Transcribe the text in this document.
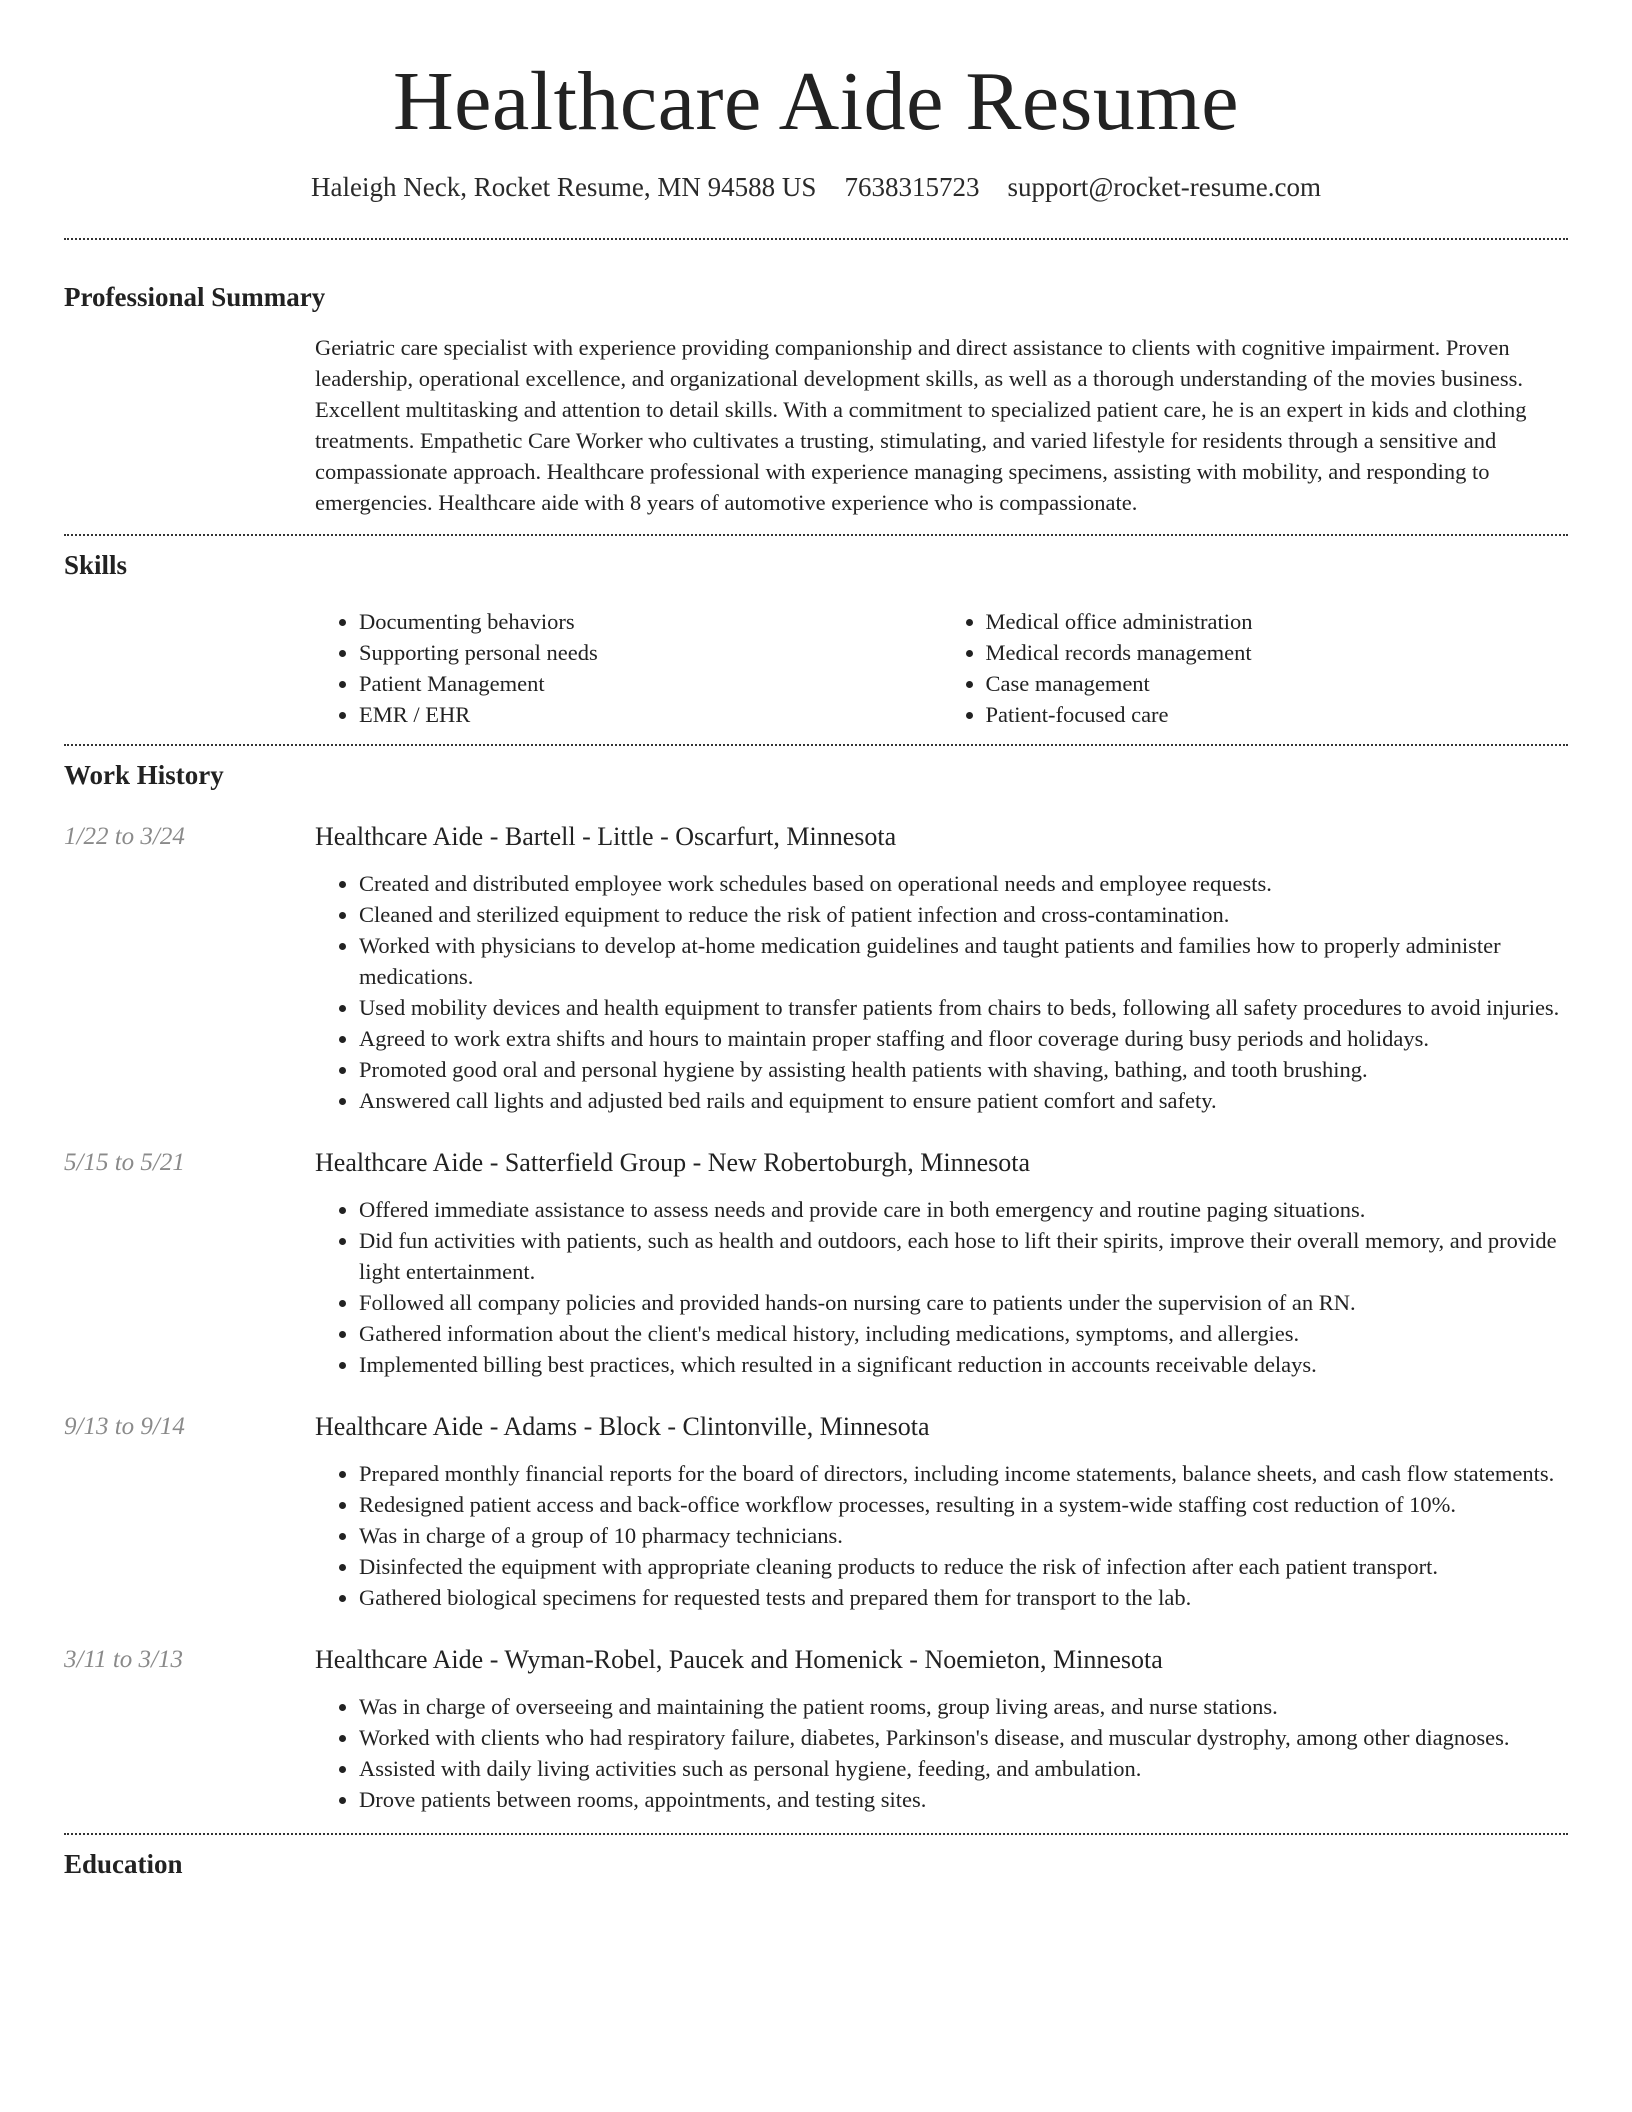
Healthcare Aide Resume
Haleigh Neck, Rocket Resume, MN 94588 US 7638315723 support@rocket-resume.com
Professional Summary
Geriatric care specialist with experience providing companionship and direct assistance to clients with cognitive impairment. Proven leadership, operational excellence, and organizational development skills, as well as a thorough understanding of the movies business. Excellent multitasking and attention to detail skills. With a commitment to specialized patient care, he is an expert in kids and clothing treatments. Empathetic Care Worker who cultivates a trusting, stimulating, and varied lifestyle for residents through a sensitive and compassionate approach. Healthcare professional with experience managing specimens, assisting with mobility, and responding to emergencies. Healthcare aide with 8 years of automotive experience who is compassionate.
Skills
• Documenting behaviors
• Supporting personal needs
• Patient Management
• EMR / EHR
• Medical office administration
• Medical records management
• Case management
• Patient-focused care
Work History
1/22 to 3/24	Healthcare Aide - Bartell - Little - Oscarfurt, Minnesota
• Created and distributed employee work schedules based on operational needs and employee requests.
• Cleaned and sterilized equipment to reduce the risk of patient infection and cross-contamination.
• Worked with physicians to develop at-home medication guidelines and taught patients and families how to properly administer medications.
• Used mobility devices and health equipment to transfer patients from chairs to beds, following all safety procedures to avoid injuries.
• Agreed to work extra shifts and hours to maintain proper staffing and floor coverage during busy periods and holidays.
• Promoted good oral and personal hygiene by assisting health patients with shaving, bathing, and tooth brushing.
• Answered call lights and adjusted bed rails and equipment to ensure patient comfort and safety.
5/15 to 5/21	Healthcare Aide - Satterfield Group - New Robertoburgh, Minnesota
• Offered immediate assistance to assess needs and provide care in both emergency and routine paging situations.
• Did fun activities with patients, such as health and outdoors, each hose to lift their spirits, improve their overall memory, and provide light entertainment.
• Followed all company policies and provided hands-on nursing care to patients under the supervision of an RN.
• Gathered information about the client's medical history, including medications, symptoms, and allergies.
• Implemented billing best practices, which resulted in a significant reduction in accounts receivable delays.
9/13 to 9/14	Healthcare Aide - Adams - Block - Clintonville, Minnesota
• Prepared monthly financial reports for the board of directors, including income statements, balance sheets, and cash flow statements.
• Redesigned patient access and back-office workflow processes, resulting in a system-wide staffing cost reduction of 10%.
• Was in charge of a group of 10 pharmacy technicians.
• Disinfected the equipment with appropriate cleaning products to reduce the risk of infection after each patient transport.
• Gathered biological specimens for requested tests and prepared them for transport to the lab.
3/11 to 3/13	Healthcare Aide - Wyman-Robel, Paucek and Homenick - Noemieton, Minnesota
• Was in charge of overseeing and maintaining the patient rooms, group living areas, and nurse stations.
• Worked with clients who had respiratory failure, diabetes, Parkinson's disease, and muscular dystrophy, among other diagnoses.
• Assisted with daily living activities such as personal hygiene, feeding, and ambulation.
• Drove patients between rooms, appointments, and testing sites.
Education
